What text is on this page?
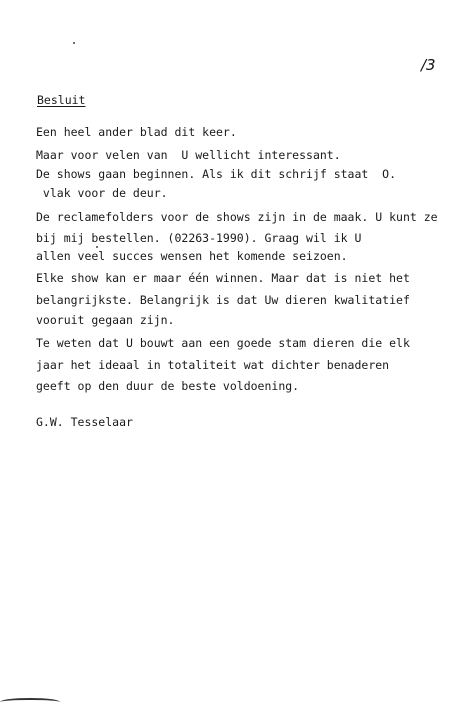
/3
Besluit
Een heel ander blad dit keer.
Maar voor velen van  U wellicht interessant.
De shows gaan beginnen. Als ik dit schrijf staat  O.
vlak voor de deur.
De reclamefolders voor de shows zijn in de maak. U kunt ze
bij mij bestellen. (02263-1990). Graag wil ik U
allen veel succes wensen het komende seizoen.
Elke show kan er maar één winnen. Maar dat is niet het
belangrijkste. Belangrijk is dat Uw dieren kwalitatief
vooruit gegaan zijn.
Te weten dat U bouwt aan een goede stam dieren die elk
jaar het ideaal in totaliteit wat dichter benaderen
geeft op den duur de beste voldoening.
G.W. Tesselaar
